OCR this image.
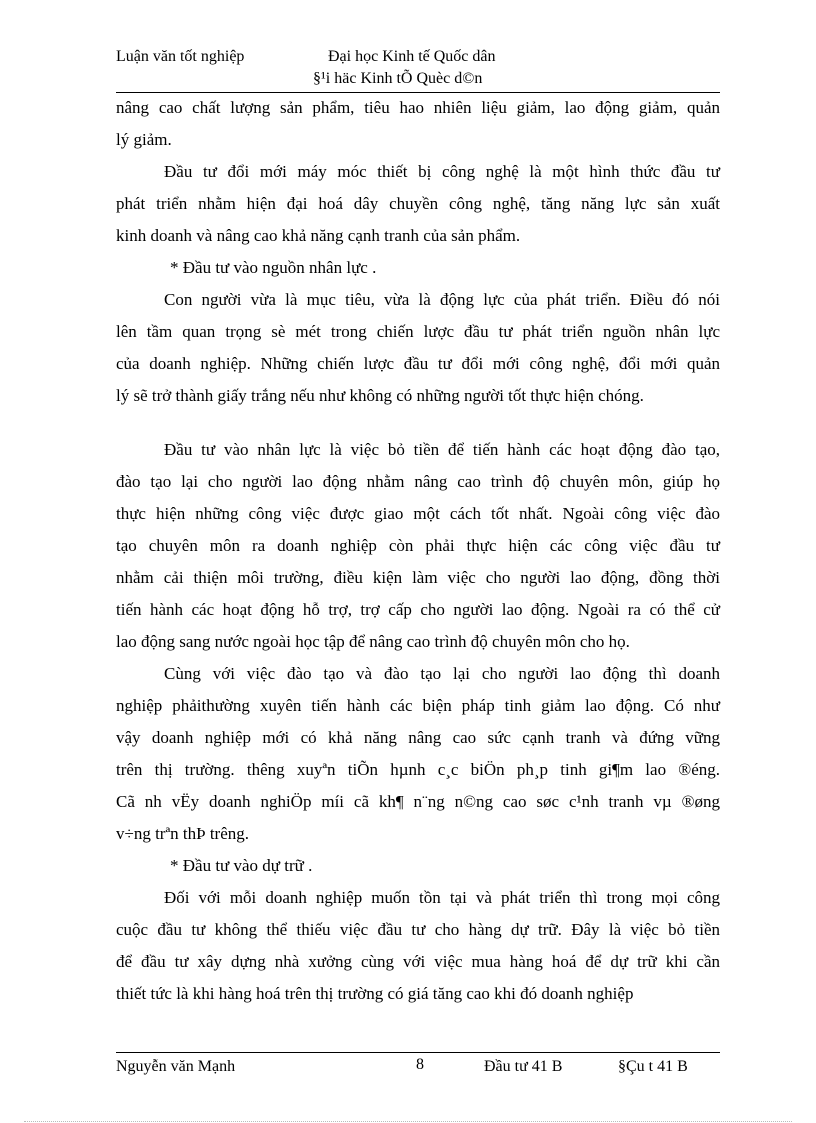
Luận văn tốt nghiệp	Đại học Kinh tế Quốc dân
§¹i häc Kinh tÕ Quèc d©n
nâng cao chất lượng sản phẩm, tiêu hao nhiên liệu giảm, lao động giảm, quản
lý giảm.
Đầu tư đổi mới máy móc thiết bị công nghệ là một hình thức đầu tư
phát triển nhằm hiện đại hoá dây chuyền công nghệ, tăng năng lực sản xuất
kinh doanh và nâng cao khả năng cạnh tranh của sản phẩm.
* Đầu tư vào nguồn nhân lực .
Con người vừa là mục tiêu, vừa là động lực của phát triển. Điều đó nói
lên tầm quan trọng sè mét trong chiến lược đầu tư phát triển nguồn nhân lực
của doanh nghiệp. Những chiến lược đầu tư đổi mới công nghệ, đổi mới quản
lý sẽ trở thành giấy trắng nếu như không có những người tốt thực hiện chóng.
Đầu tư vào nhân lực là việc bỏ tiền để tiến hành các hoạt động đào tạo,
đào tạo lại cho người lao động nhằm nâng cao trình độ chuyên môn, giúp họ
thực hiện những công việc được giao một cách tốt nhất. Ngoài công việc đào
tạo chuyên môn ra doanh nghiệp còn phải thực hiện các công việc đầu tư
nhằm cải thiện môi trường, điều kiện làm việc cho người lao động, đồng thời
tiến hành các hoạt động hỗ trợ, trợ cấp cho người lao động. Ngoài ra có thể cử
lao động sang nước ngoài học tập để nâng cao trình độ chuyên môn cho họ.
Cùng với việc đào tạo và đào tạo lại cho người lao động thì doanh
nghiệp phảithường xuyên tiến hành các biện pháp tinh giảm lao động. Có như
vậy doanh nghiệp mới có khả năng nâng cao sức cạnh tranh và đứng vững
trên thị trường. thêng xuyªn tiÕn hµnh c¸c biÖn ph¸p tinh gi¶m lao ®éng.
Cã nh vËy doanh nghiÖp míi cã kh¶ n¨ng n©ng cao søc c¹nh tranh vµ ®øng
v÷ng trªn thÞ trêng.
* Đầu tư vào dự trữ .
Đối với mỗi doanh nghiệp muốn tồn tại và phát triển thì trong mọi công
cuộc đầu tư không thể thiếu việc đầu tư cho hàng dự trữ. Đây là việc bỏ tiền
để đầu tư xây dựng nhà xưởng cùng với việc mua hàng hoá để dự trữ khi cần
thiết tức là khi hàng hoá trên thị trường có giá tăng cao khi đó doanh nghiệp
Nguyễn văn Mạnh	8	Đầu tư 41 B	§Çu t 41 B
